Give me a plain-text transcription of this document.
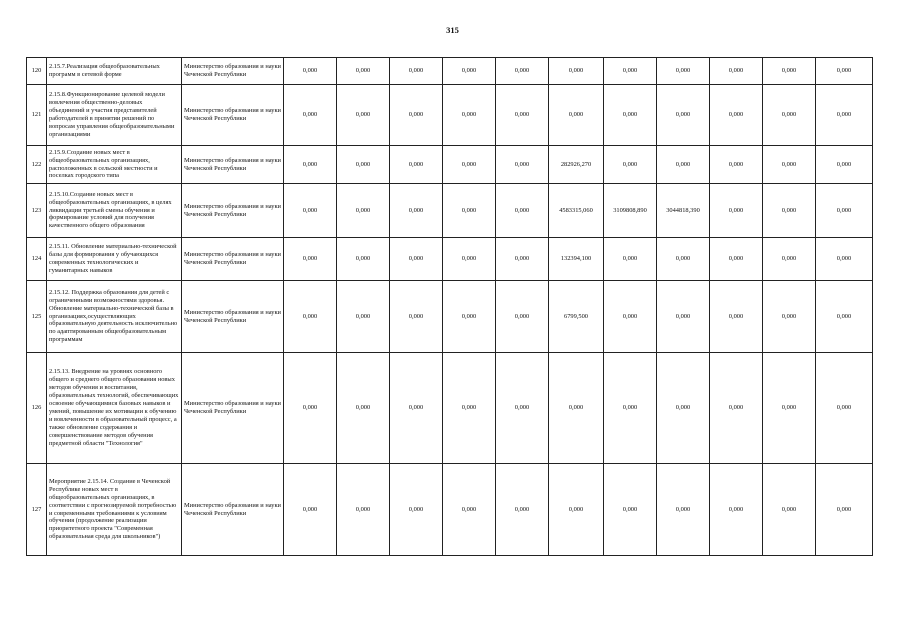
315
120	2.15.7.Реализация общеобразовательных программ в сетевой форме	Министерство образования и науки Чеченской Республики	0,000	0,000	0,000	0,000	0,000	0,000	0,000	0,000	0,000	0,000	0,000
121	2.15.8.Функционирование целевой модели вовлечения общественно-деловых объединений и участия представителей работодателей в принятии решений по вопросам управления общеобразовательными организациями	Министерство образования и науки Чеченской Республики	0,000	0,000	0,000	0,000	0,000	0,000	0,000	0,000	0,000	0,000	0,000
122	2.15.9.Создание новых мест в общеобразовательных организациях, расположенных в сельской местности и поселках городского типа	Министерство образования и науки Чеченской Республики	0,000	0,000	0,000	0,000	0,000	282926,270	0,000	0,000	0,000	0,000	0,000
123	2.15.10.Создание новых мест в общеобразовательных организациях, в целях ликвидации третьей смены обучения и формирование условий для получения качественного общего образования	Министерство образования и науки Чеченской Республики	0,000	0,000	0,000	0,000	0,000	4583315,060	3109808,890	3044818,390	0,000	0,000	0,000
124	2.15.11. Обновление материально-технической базы для формирования у обучающихся современных технологических и гуманитарных навыков	Министерство образования и науки Чеченской Республики	0,000	0,000	0,000	0,000	0,000	132394,100	0,000	0,000	0,000	0,000	0,000
125	2.15.12. Поддержка образования для детей с ограниченными возможностями здоровья. Обновление материально-технической базы в организациях,осуществляющих образовательную деятельность исключительно по адаптированным общеобразовательным программам	Министерство образования и науки Чеченской Республики	0,000	0,000	0,000	0,000	0,000	6799,500	0,000	0,000	0,000	0,000	0,000
126	2.15.13. Внедрение на уровнях основного общего и среднего общего образования новых методов обучения и воспитания, образовательных технологий, обеспечивающих освоение обучающимися базовых навыков и умений, повышение их мотивации к обучению и вовлеченности в образовательный процесс, а также обновление содержания и совершенствование методов обучения предметной области "Технология"	Министерство образования и науки Чеченской Республики	0,000	0,000	0,000	0,000	0,000	0,000	0,000	0,000	0,000	0,000	0,000
127	Мероприятие 2.15.14. Создание в Чеченской Республике новых мест в общеобразовательных организациях, в соответствии с прогнозируемой потребностью и современными требованиями к условиям обучения (продолжение реализации приоритетного проекта "Современная образовательная среда для школьников")	Министерство образования и науки Чеченской Республики	0,000	0,000	0,000	0,000	0,000	0,000	0,000	0,000	0,000	0,000	0,000
